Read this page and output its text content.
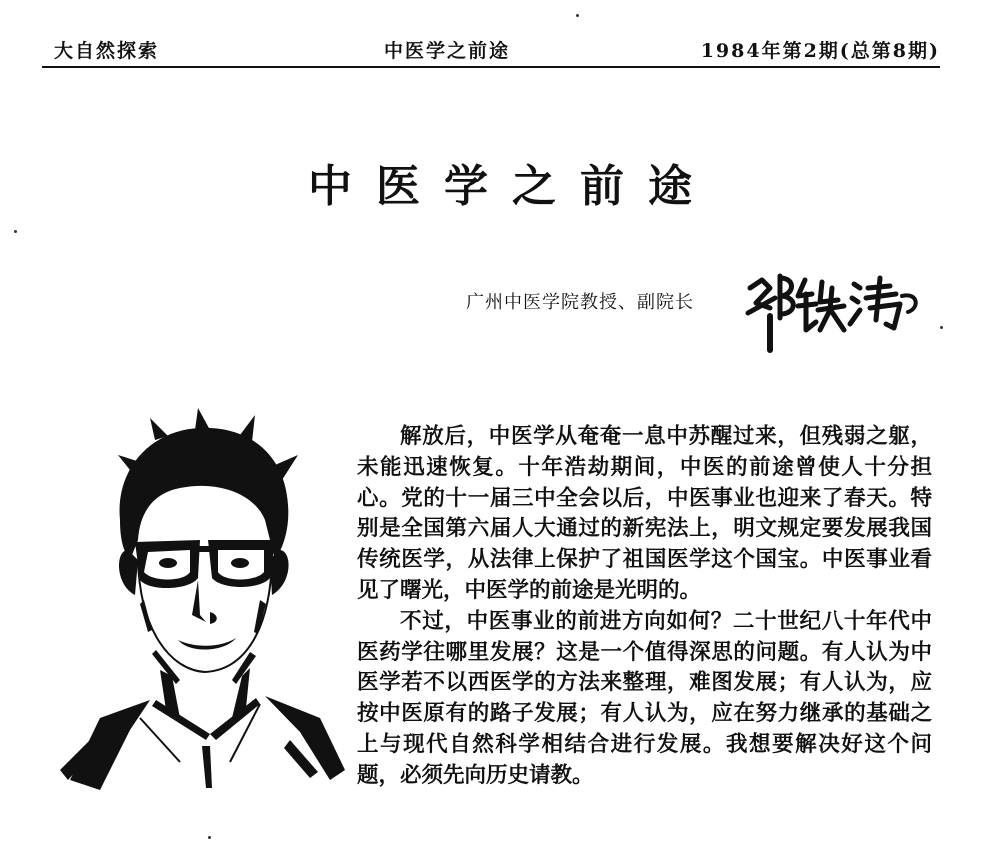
大自然探索	中医学之前途	1984年第2期(总第8期)
中医学之前途
广州中医学院教授、副院长

解放后，中医学从奄奄一息中苏醒过来，但残弱之躯，未能迅速恢复。十年浩劫期间，中医的前途曾使人十分担心。党的十一届三中全会以后，中医事业也迎来了春天。特别是全国第六届人大通过的新宪法上，明文规定要发展我国传统医学，从法律上保护了祖国医学这个国宝。中医事业看见了曙光，中医学的前途是光明的。

不过，中医事业的前进方向如何？二十世纪八十年代中医药学往哪里发展？这是一个值得深思的问题。有人认为中医学若不以西医学的方法来整理，难图发展；有人认为，应按中医原有的路子发展；有人认为，应在努力继承的基础之上与现代自然科学相结合进行发展。我想要解决好这个问题，必须先向历史请教。
